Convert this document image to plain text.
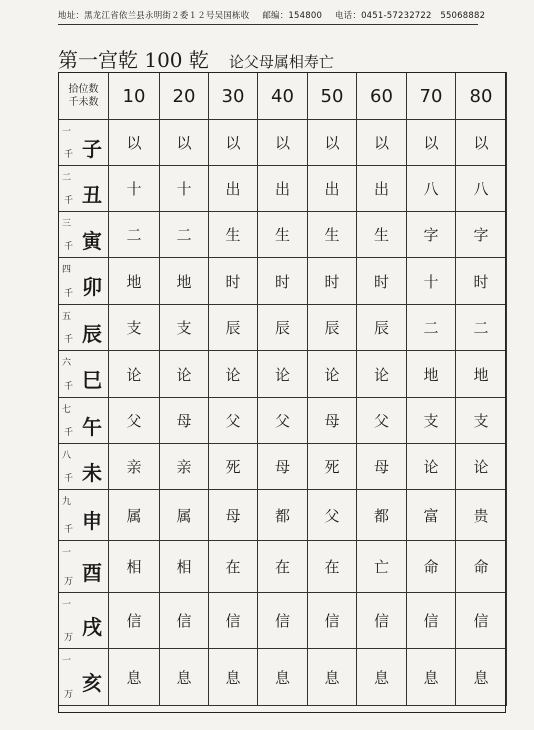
地址：黑龙江省依兰县永明街２委１２号吴国栋收 邮编：154800 电话：0451-57232722　55068882
第一宫乾 100 乾 论父母属相寿亡
拾位数
千未数	10	20	30	40	50	60	70	80

一
千 子	以	以	以	以	以	以	以	以

二
千 丑	十	十	出	出	出	出	八	八

三
千 寅	二	二	生	生	生	生	字	字

四
千 卯	地	地	时	时	时	时	十	时

五
千 辰	支	支	辰	辰	辰	辰	二	二

六
千 巳	论	论	论	论	论	论	地	地

七
千 午	父	母	父	父	母	父	支	支

八
千 未	亲	亲	死	母	死	母	论	论

九
千 申	属	属	母	都	父	都	富	贵

一
万 酉	相	相	在	在	在	亡	命	命

一
万 戌	信	信	信	信	信	信	信	信

一
万
亥	息	息	息	息	息	息	息	息
